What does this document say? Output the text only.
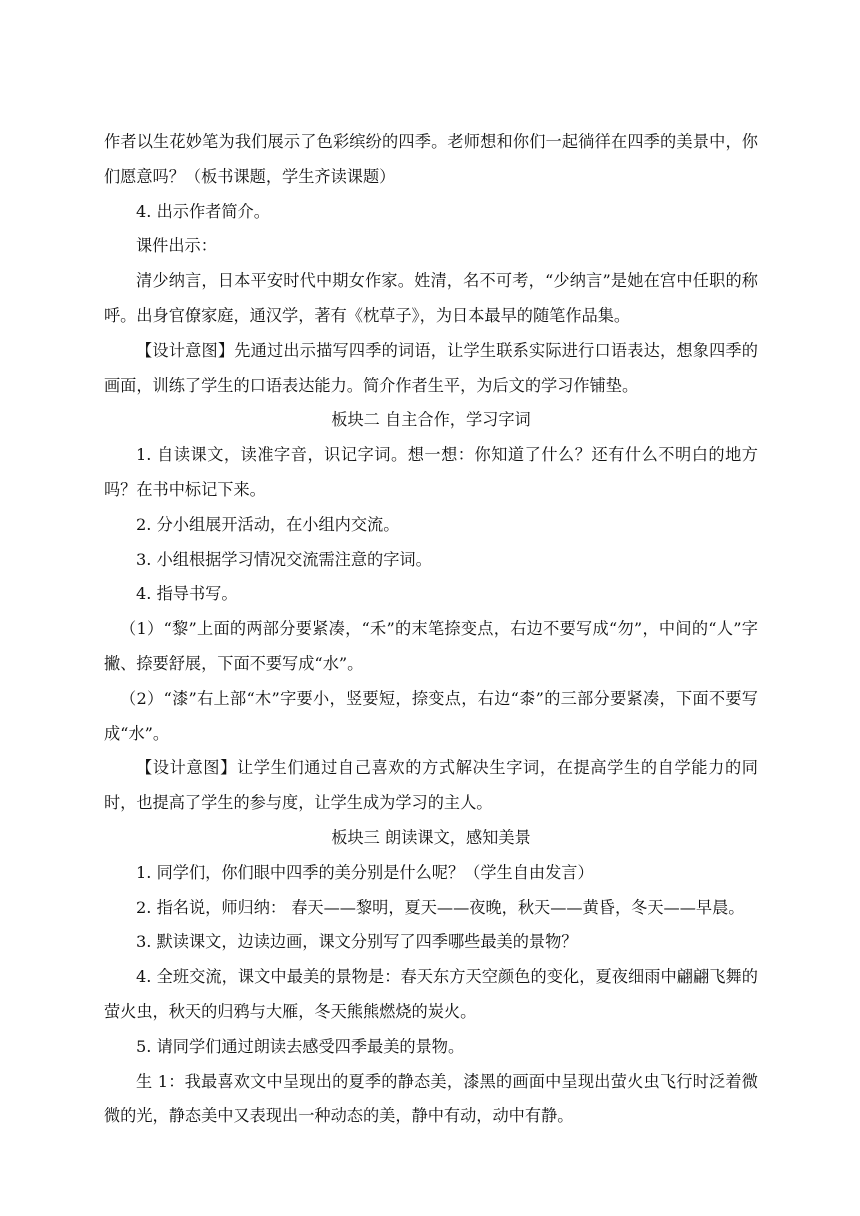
作者以生花妙笔为我们展示了色彩缤纷的四季。老师想和你们一起徜徉在四季的美景中，你们愿意吗？（板书课题，学生齐读课题）

4. 出示作者简介。

课件出示：

清少纳言，日本平安时代中期女作家。姓清，名不可考，“少纳言”是她在宫中任职的称呼。出身官僚家庭，通汉学，著有《枕草子》，为日本最早的随笔作品集。

【设计意图】先通过出示描写四季的词语，让学生联系实际进行口语表达，想象四季的画面，训练了学生的口语表达能力。简介作者生平，为后文的学习作铺垫。

板块二 自主合作，学习字词

1. 自读课文，读准字音，识记字词。想一想：你知道了什么？还有什么不明白的地方吗？在书中标记下来。

2. 分小组展开活动，在小组内交流。

3. 小组根据学习情况交流需注意的字词。

4. 指导书写。

（1）“黎”上面的两部分要紧凑，“禾”的末笔捺变点，右边不要写成“勿”，中间的“人”字撇、捺要舒展，下面不要写成“水”。

（2）“漆”右上部“木”字要小，竖要短，捺变点，右边“桼”的三部分要紧凑，下面不要写成“水”。

【设计意图】让学生们通过自己喜欢的方式解决生字词，在提高学生的自学能力的同时，也提高了学生的参与度，让学生成为学习的主人。

板块三 朗读课文，感知美景

1. 同学们，你们眼中四季的美分别是什么呢？（学生自由发言）

2. 指名说，师归纳： 春天——黎明，夏天——夜晚，秋天——黄昏，冬天——早晨。

3. 默读课文，边读边画，课文分别写了四季哪些最美的景物？

4. 全班交流，课文中最美的景物是：春天东方天空颜色的变化，夏夜细雨中翩翩飞舞的萤火虫，秋天的归鸦与大雁，冬天熊熊燃烧的炭火。

5. 请同学们通过朗读去感受四季最美的景物。

生 1：我最喜欢文中呈现出的夏季的静态美，漆黑的画面中呈现出萤火虫飞行时泛着微微的光，静态美中又表现出一种动态的美，静中有动，动中有静。
